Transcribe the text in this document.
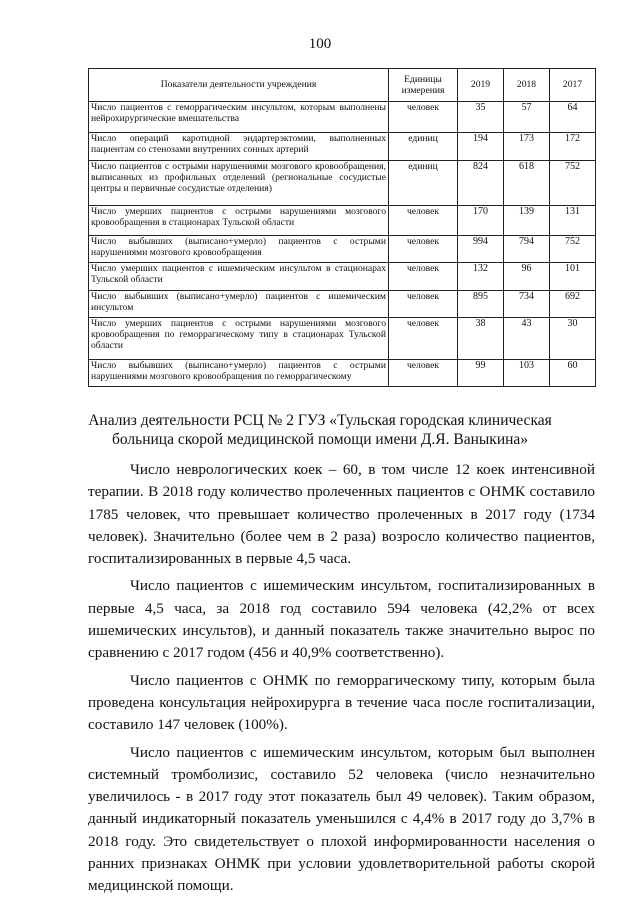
100
Показатели деятельности учреждения	Единицы измерения	2019	2018	2017
Число пациентов с геморрагическим инсультом, которым выполнены нейрохирургические вмешательства	человек	35	57	64
Число операций каротидной эндартерэктомии, выполненных пациентам со стенозами внутренних сонных артерий	единиц	194	173	172

Число пациентов с острыми нарушениями мозгового кровообращения, выписанных из профильных отделений (региональные сосудистые центры и первичные сосудистые отделения)	единиц	824	618	752
Число умерших пациентов с острыми нарушениями мозгового кровообращения в стационарах Тульской области	человек	170	139	131
Число выбывших (выписано+умерло) пациентов с острыми нарушениями мозгового кровообращения	человек	994	794	752
Число умерших пациентов с ишемическим инсультом в стационарах Тульской области	человек	132	96	101
Число выбывших (выписано+умерло) пациентов с ишемическим инсультом	человек	895	734	692
Число умерших пациентов с острыми нарушениями мозгового кровообращения по геморрагическому типу в стационарах Тульской области	человек	38	43	30
Число выбывших (выписано+умерло) пациентов с острыми нарушениями мозгового кровообращения по геморрагическому	человек	99	103	60
Анализ деятельности РСЦ № 2 ГУЗ «Тульская городская клиническая больница скорой медицинской помощи имени Д.Я. Ваныкина»

Число неврологических коек – 60, в том числе 12 коек интенсивной терапии. В 2018 году количество пролеченных пациентов с ОНМК составило 1785 человек, что превышает количество пролеченных в 2017 году (1734 человек). Значительно (более чем в 2 раза) возросло количество пациентов, госпитализированных в первые 4,5 часа.

Число пациентов с ишемическим инсультом, госпитализированных в первые 4,5 часа, за 2018 год составило 594 человека (42,2% от всех ишемических инсультов), и данный показатель также значительно вырос по сравнению с 2017 годом (456 и 40,9% соответственно).

Число пациентов с ОНМК по геморрагическому типу, которым была проведена консультация нейрохирурга в течение часа после госпитализации, составило 147 человек (100%).

Число пациентов с ишемическим инсультом, которым был выполнен системный тромболизис, составило 52 человека (число незначительно увеличилось - в 2017 году этот показатель был 49 человек). Таким образом, данный индикаторный показатель уменьшился с 4,4% в 2017 году до 3,7% в 2018 году. Это свидетельствует о плохой информированности населения о ранних признаках ОНМК при условии удовлетворительной работы скорой медицинской помощи.
